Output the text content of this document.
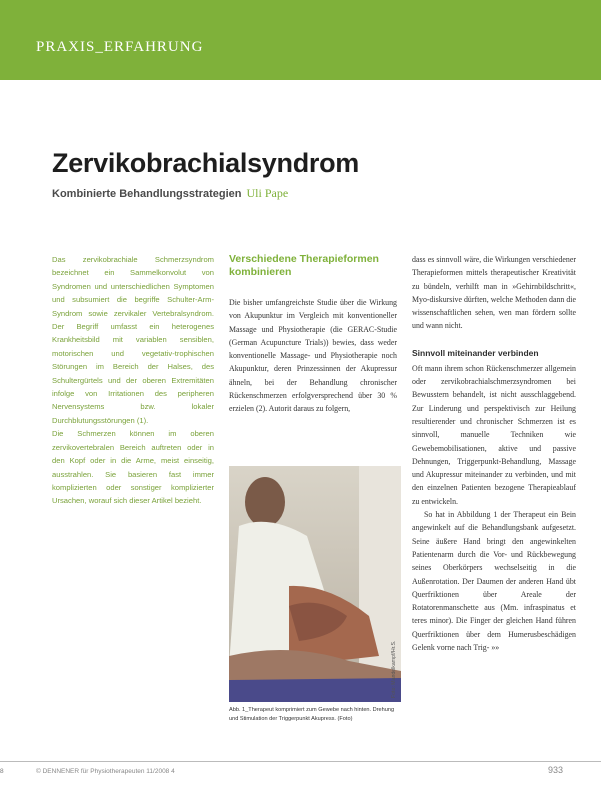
PRAXIS_ERFAHRUNG
Zervikobrachialsyndrom
Kombinierte Behandlungsstrategien Uli Pape

Das zervikobrachiale Schmerzsyndrom bezeichnet ein Sammelkonvolut von Syndromen und unterschiedlichen Symptomen und subsumiert die begriffe Schulter-Arm-Syndrom sowie zervikaler Vertebralsyndrom. Der Begriff umfasst ein heterogenes Krankheitsbild mit variablen sensiblen, motorischen und vegetativ-trophischen Störungen im Bereich der Halses, des Schultergürtels und der oberen Extremitäten infolge von Irritationen des peripheren Nervensystems bzw. lokaler Durchblutungsstörungen (1).

Die Schmerzen können im oberen zervikovertebralen Bereich auftreten oder in den Kopf oder in die Arme, meist einseitig, ausstrahlen. Sie basieren fast immer komplizierten oder sonstiger komplizierter Ursachen, worauf sich dieser Artikel bezieht.

Verschiedene Therapieformen kombinieren

Die bisher umfangreichste Studie über die Wirkung von Akupunktur im Vergleich mit konventioneller Massage und Physiotherapie (die GERAC-Studie (German Acupuncture Trials)) bewies, dass weder konventionelle Massage- und Physiotherapie noch Akupunktur, deren Prinzessinnen der Akupressur ähneln, bei der Behandlung chronischer Rückenschmerzen erfolgversprechend über 30 % erzielen (2). Autorit daraus zu folgern,

Foto: Mandelkampf/Hr.S.
Abb. 1_Therapeut komprimiert zum Gewebe nach hinten. Drehung und Stimulation der Triggerpunkt Akupress. (Foto)

dass es sinnvoll wäre, die Wirkungen verschiedener Therapieformen mittels therapeutischer Kreativität zu bündeln, verhilft man in »Gehirnbildschritt«, Myo-diskursive dürften, welche Methoden dann die wissenschaftlichen sehen, wen man fördern sollte und wann nicht.

Sinnvoll miteinander verbinden

Oft mann ihrem schon Rückenschmerzer allgemein oder zervikobrachialschmerzsyndromen bei Bewusstern behandelt, ist nicht ausschlaggebend. Zur Linderung und perspektivisch zur Heilung resultierender und chronischer Schmerzen ist es sinnvoll, manuelle Techniken wie Gewebemobilisationen, aktive und passive Dehnungen, Triggerpunkt-Behandlung, Massage und Akupressur miteinander zu verbinden, und mit den einzelnen Patienten bezogene Therapieablauf zu entwickeln.

So hat in Abbildung 1 der Therapeut ein Bein angewinkelt auf die Behandlungsbank aufgesetzt. Seine äußere Hand bringt den angewinkelten Patientenarm durch die Vor- und Rückbewegung seines Oberkörpers wechselseitig in die Außenrotation. Der Daumen der anderen Hand übt Querfriktionen über Areale der Rotatorenmanschette aus (Mm. infraspinatus et teres minor). Die Finger der gleichen Hand führen Querfriktionen über dem Humerusbeschädigen Gelenk vorne nach Trig- »»

8	© DENNENER für Physiotherapeuten 11/2008 4	933
